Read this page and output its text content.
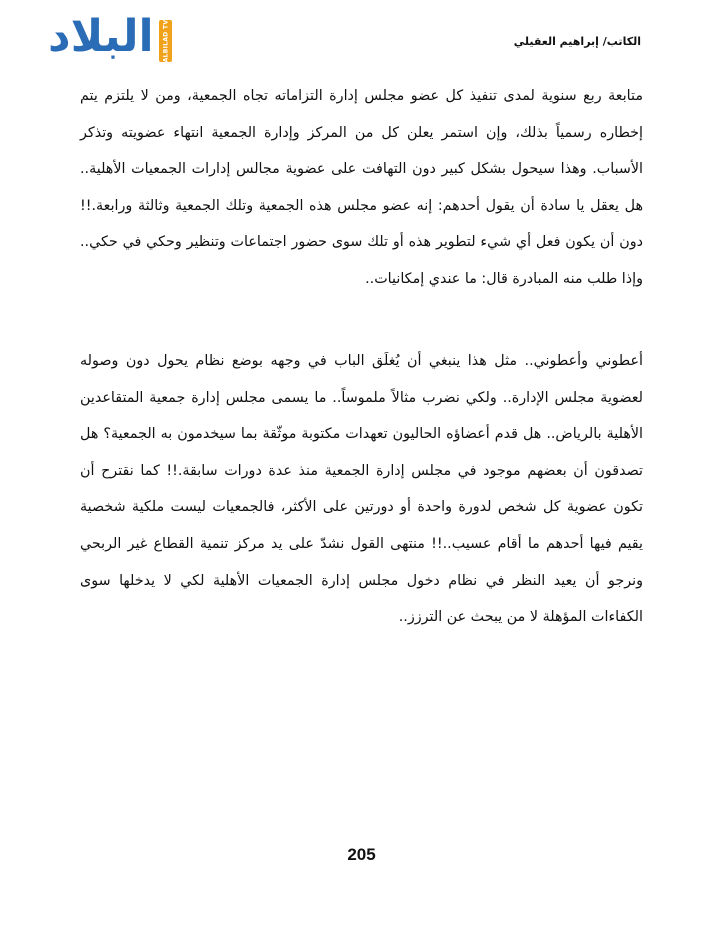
البلاد ALBILAD TV	الكاتب/ إبراهيم العقيلي

متابعة ربع سنوية لمدى تنفيذ كل عضو مجلس إدارة التزاماته تجاه الجمعية، ومن لا يلتزم يتم إخطاره رسمياً بذلك، وإن استمر يعلن كل من المركز وإدارة الجمعية انتهاء عضويته وتذكر الأسباب. وهذا سيحول بشكل كبير دون التهافت على عضوية مجالس إدارات الجمعيات الأهلية.. هل يعقل يا سادة أن يقول أحدهم: إنه عضو مجلس هذه الجمعية وتلك الجمعية وثالثة ورابعة.!! دون أن يكون فعل أي شيء لتطوير هذه أو تلك سوى حضور اجتماعات وتنظير وحكي في حكي.. وإذا طلب منه المبادرة قال: ما عندي إمكانيات..

أعطوني وأعطوني.. مثل هذا ينبغي أن يُغلَق الباب في وجهه بوضع نظام يحول دون وصوله لعضوية مجلس الإدارة.. ولكي نضرب مثالاً ملموساً.. ما يسمى مجلس إدارة جمعية المتقاعدين الأهلية بالرياض.. هل قدم أعضاؤه الحاليون تعهدات مكتوبة موثّقة بما سيخدمون به الجمعية؟ هل تصدقون أن بعضهم موجود في مجلس إدارة الجمعية منذ عدة دورات سابقة.!! كما نقترح أن تكون عضوية كل شخص لدورة واحدة أو دورتين على الأكثر، فالجمعيات ليست ملكية شخصية يقيم فيها أحدهم ما أقام عسيب..!! منتهى القول نشدّ على يد مركز تنمية القطاع غير الربحي ونرجو أن يعيد النظر في نظام دخول مجلس إدارة الجمعيات الأهلية لكي لا يدخلها سوى الكفاءات المؤهلة لا من يبحث عن الترزز..

205
